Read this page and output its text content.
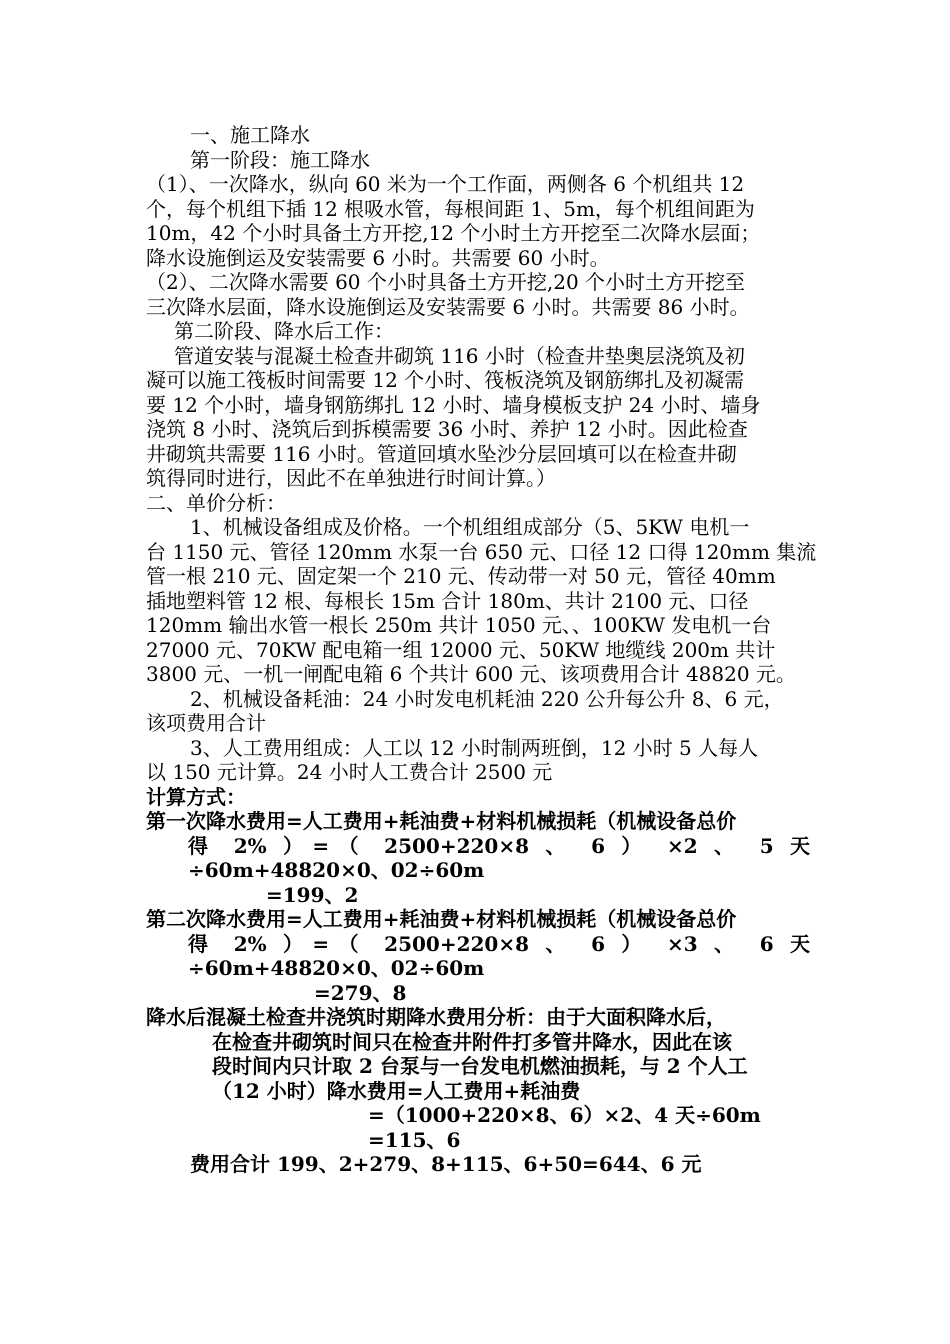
一、施工降水
第一阶段：施工降水
（1）、一次降水，纵向 60 米为一个工作面，两侧各 6 个机组共 12
个，每个机组下插 12 根吸水管，每根间距 1、5m，每个机组间距为
10m，42 个小时具备土方开挖,12 个小时土方开挖至二次降水层面；
降水设施倒运及安装需要 6 小时。共需要 60 小时。
（2）、二次降水需要 60 个小时具备土方开挖,20 个小时土方开挖至
三次降水层面，降水设施倒运及安装需要 6 小时。共需要 86 小时。
第二阶段、降水后工作：
管道安装与混凝土检查井砌筑 116 小时（检查井垫奥层浇筑及初
凝可以施工筏板时间需要 12 个小时、筏板浇筑及钢筋绑扎及初凝需
要 12 个小时，墙身钢筋绑扎 12 小时、墙身模板支护 24 小时、墙身
浇筑 8 小时、浇筑后到拆模需要 36 小时、养护 12 小时。因此检查
井砌筑共需要 116 小时。管道回填水坠沙分层回填可以在检查井砌
筑得同时进行，因此不在单独进行时间计算。）
二、单价分析：
1、机械设备组成及价格。一个机组组成部分（5、5KW 电机一
台 1150 元、管径 120mm 水泵一台 650 元、口径 12 口得 120mm 集流
管一根 210 元、固定架一个 210 元、传动带一对 50 元，管径 40mm
插地塑料管 12 根、每根长 15m 合计 180m、共计 2100 元、口径
120mm 输出水管一根长 250m 共计 1050 元、、100KW 发电机一台
27000 元、70KW 配电箱一组 12000 元、50KW 地缆线 200m 共计
3800 元、一机一闸配电箱 6 个共计 600 元、该项费用合计 48820 元。
2、机械设备耗油：24 小时发电机耗油 220 公升每公升 8、6 元，
该项费用合计
3、人工费用组成：人工以 12 小时制两班倒，12 小时 5 人每人
以 150 元计算。24 小时人工费合计 2500 元
计算方式：
第一次降水费用=人工费用+耗油费+材料机械损耗（机械设备总价
得 2% ）=（ 2500+220×8 、 6 ） ×2 、 5 天
÷60m+48820×0、02÷60m
=199、2
第二次降水费用=人工费用+耗油费+材料机械损耗（机械设备总价
得 2% ）=（ 2500+220×8 、 6 ） ×3 、 6 天
÷60m+48820×0、02÷60m
=279、8
降水后混凝土检查井浇筑时期降水费用分析：由于大面积降水后，
在检查井砌筑时间只在检查井附件打多管井降水，因此在该
段时间内只计取 2 台泵与一台发电机燃油损耗，与 2 个人工
（12 小时）降水费用=人工费用+耗油费
=（1000+220×8、6）×2、4 天÷60m
=115、6
费用合计 199、2+279、8+115、6+50=644、6 元
